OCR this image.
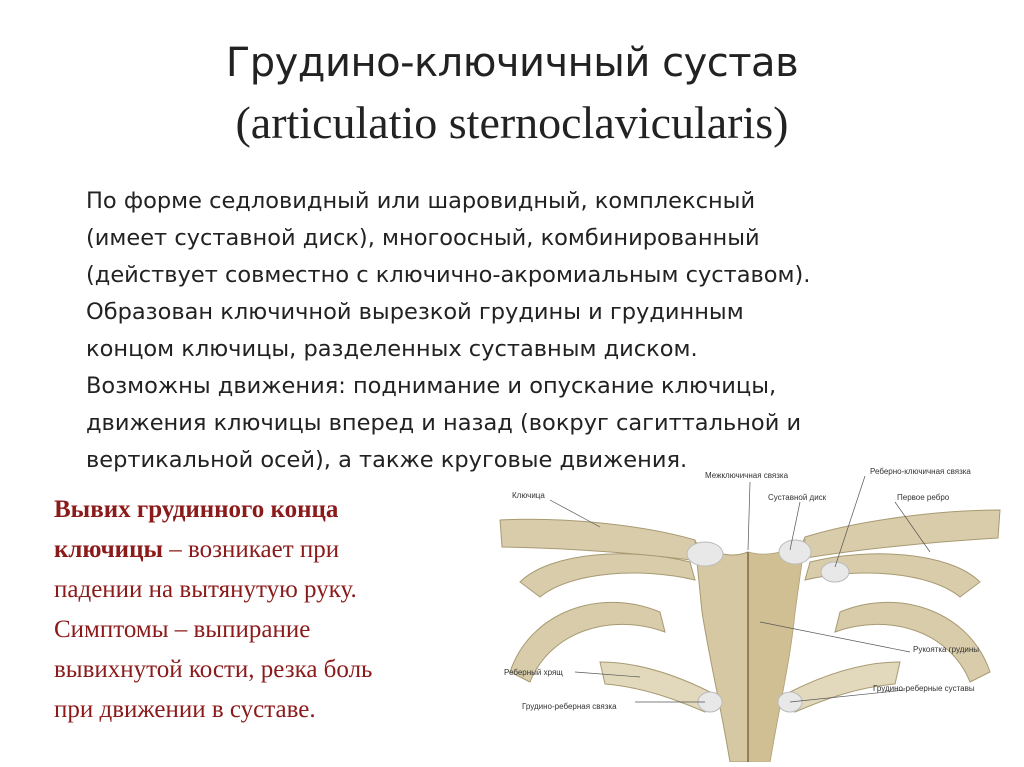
Грудино-ключичный сустав
(articulatio sternoclavicularis)
По форме седловидный или шаровидный, комплексный
(имеет суставной диск), многоосный, комбинированный
(действует совместно с ключично-акромиальным суставом).
Образован ключичной вырезкой грудины и грудинным
концом ключицы, разделенных суставным диском.
Возможны движения: поднимание и опускание ключицы,
движения ключицы вперед и назад (вокруг сагиттальной и
вертикальной осей), а также круговые движения.
Вывих грудинного конца
ключицы – возникает при
падении на вытянутую руку.
Симптомы – выпирание
вывихнутой кости, резка боль
при движении в суставе.
Ключица
Межключичная связка
Суставной диск
Реберно-ключичная связка
Первое ребро
Рукоятка грудины
Реберный хрящ
Грудино-реберные суставы
Грудино-реберная связка
